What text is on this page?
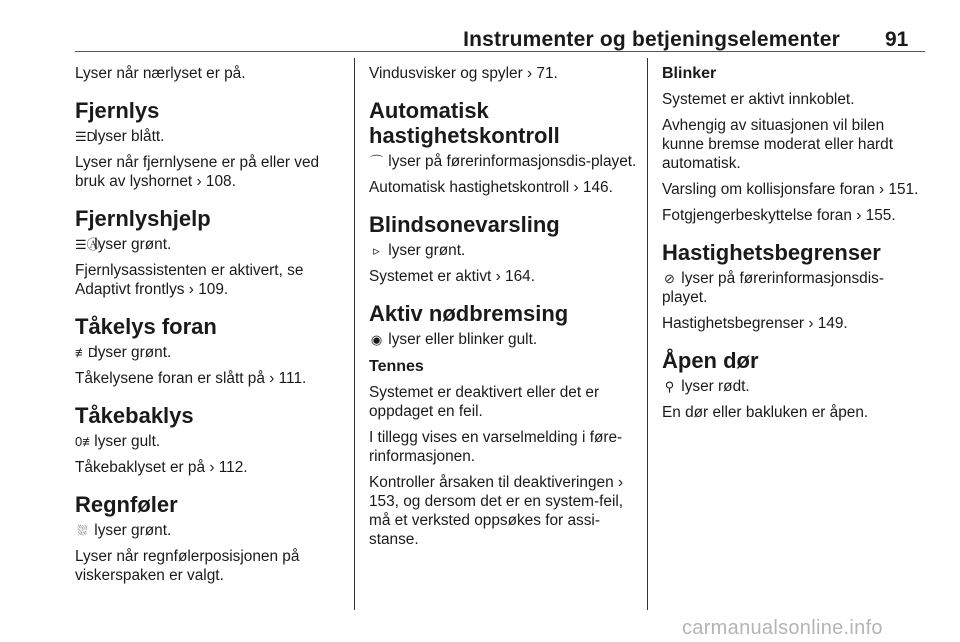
Instrumenter og betjeningselementer 91

Lyser når nærlyset er på.

Fjernlys

☰D lyser blått.

Lyser når fjernlysene er på eller ved bruk av lyshornet › 108.

Fjernlyshjelp

☰Ⓐ lyser grønt.

Fjernlysassistenten er aktivert, se Adaptivt frontlys › 109.

Tåkelys foran

≢D lyser grønt.

Tåkelysene foran er slått på › 111.

Tåkebaklys

0≢ lyser gult.

Tåkebaklyset er på › 112.

Regnføler

⛆ lyser grønt.

Lyser når regnfølerposisjonen på viskerspaken er valgt.

Vindusvisker og spyler › 71.

Automatisk hastighetskontroll

⌒ lyser på førerinformasjonsdis-playet.

Automatisk hastighetskontroll › 146.

Blindsonevarsling

▹ lyser grønt.

Systemet er aktivt › 164.

Aktiv nødbremsing

◉ lyser eller blinker gult.

Tennes

Systemet er deaktivert eller det er oppdaget en feil.

I tillegg vises en varselmelding i føre-rinformasjonen.

Kontroller årsaken til deaktiveringen › 153, og dersom det er en system-feil, må et verksted oppsøkes for assi-stanse.

Blinker

Systemet er aktivt innkoblet.

Avhengig av situasjonen vil bilen kunne bremse moderat eller hardt automatisk.

Varsling om kollisjonsfare foran › 151.

Fotgjengerbeskyttelse foran › 155.

Hastighetsbegrenser

⊘ lyser på førerinformasjonsdis-playet.

Hastighetsbegrenser › 149.

Åpen dør

⚲ lyser rødt.

En dør eller bakluken er åpen.

carmanualsonline.info
